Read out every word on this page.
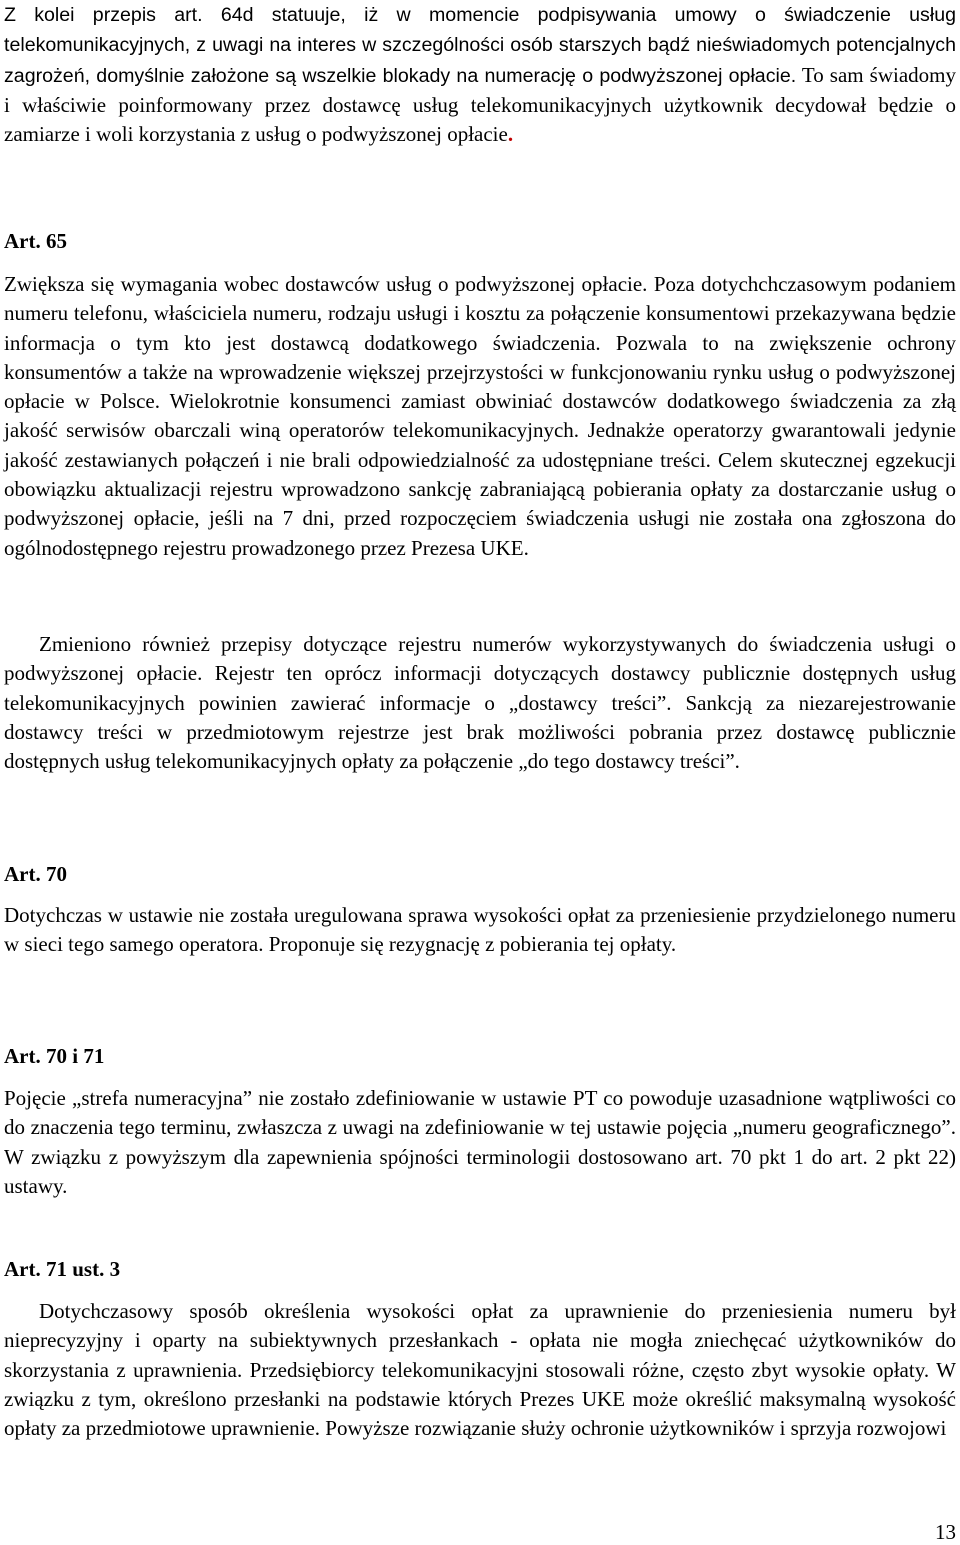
Z kolei przepis art. 64d statuuje, iż w momencie podpisywania umowy o świadczenie usług telekomunikacyjnych, z uwagi na interes w szczególności osób starszych bądź nieświadomych potencjalnych zagrożeń, domyślnie założone są wszelkie blokady na numerację o podwyższonej opłacie. To sam świadomy i właściwie poinformowany przez dostawcę usług telekomunikacyjnych użytkownik decydował będzie o zamiarze i woli korzystania z usług o podwyższonej opłacie.

Art. 65

Zwiększa się wymagania wobec dostawców usług o podwyższonej opłacie. Poza dotychchczasowym podaniem numeru telefonu, właściciela numeru, rodzaju usługi i kosztu za połączenie konsumentowi przekazywana będzie informacja o tym kto jest dostawcą dodatkowego świadczenia. Pozwala to na zwiększenie ochrony konsumentów a także na wprowadzenie większej przejrzystości w funkcjonowaniu rynku usług o podwyższonej opłacie w Polsce. Wielokrotnie konsumenci zamiast obwiniać dostawców dodatkowego świadczenia za złą jakość serwisów obarczali winą operatorów telekomunikacyjnych. Jednakże operatorzy gwarantowali jedynie jakość zestawianych połączeń i nie brali odpowiedzialność za udostępniane treści. Celem skutecznej egzekucji obowiązku aktualizacji rejestru wprowadzono sankcję zabraniającą pobierania opłaty za dostarczanie usług o podwyższonej opłacie, jeśli na 7 dni, przed rozpoczęciem świadczenia usługi nie została ona zgłoszona do ogólnodostępnego rejestru prowadzonego przez Prezesa UKE.

Zmieniono również przepisy dotyczące rejestru numerów wykorzystywanych do świadczenia usługi o podwyższonej opłacie. Rejestr ten oprócz informacji dotyczących dostawcy publicznie dostępnych usług telekomunikacyjnych powinien zawierać informacje o „dostawcy treści”. Sankcją za niezarejestrowanie dostawcy treści w przedmiotowym rejestrze jest brak możliwości pobrania przez dostawcę publicznie dostępnych usług telekomunikacyjnych opłaty za połączenie „do tego dostawcy treści”.

Art. 70

Dotychczas w ustawie nie została uregulowana sprawa wysokości opłat za przeniesienie przydzielonego numeru w sieci tego samego operatora. Proponuje się rezygnację z pobierania tej opłaty.

Art. 70 i 71

Pojęcie „strefa numeracyjna” nie zostało zdefiniowanie w ustawie PT co powoduje uzasadnione wątpliwości co do znaczenia tego terminu, zwłaszcza z uwagi na zdefiniowanie w tej ustawie pojęcia „numeru geograficznego”. W związku z powyższym dla zapewnienia spójności terminologii dostosowano art. 70 pkt 1 do art. 2 pkt 22) ustawy.

Art. 71 ust. 3

Dotychczasowy sposób określenia wysokości opłat za uprawnienie do przeniesienia numeru był nieprecyzyjny i oparty na subiektywnych przesłankach - opłata nie mogła zniechęcać użytkowników do skorzystania z uprawnienia. Przedsiębiorcy telekomunikacyjni stosowali różne, często zbyt wysokie opłaty. W związku z tym, określono przesłanki na podstawie których Prezes UKE może określić maksymalną wysokość opłaty za przedmiotowe uprawnienie. Powyższe rozwiązanie służy ochronie użytkowników i sprzyja rozwojowi

13
